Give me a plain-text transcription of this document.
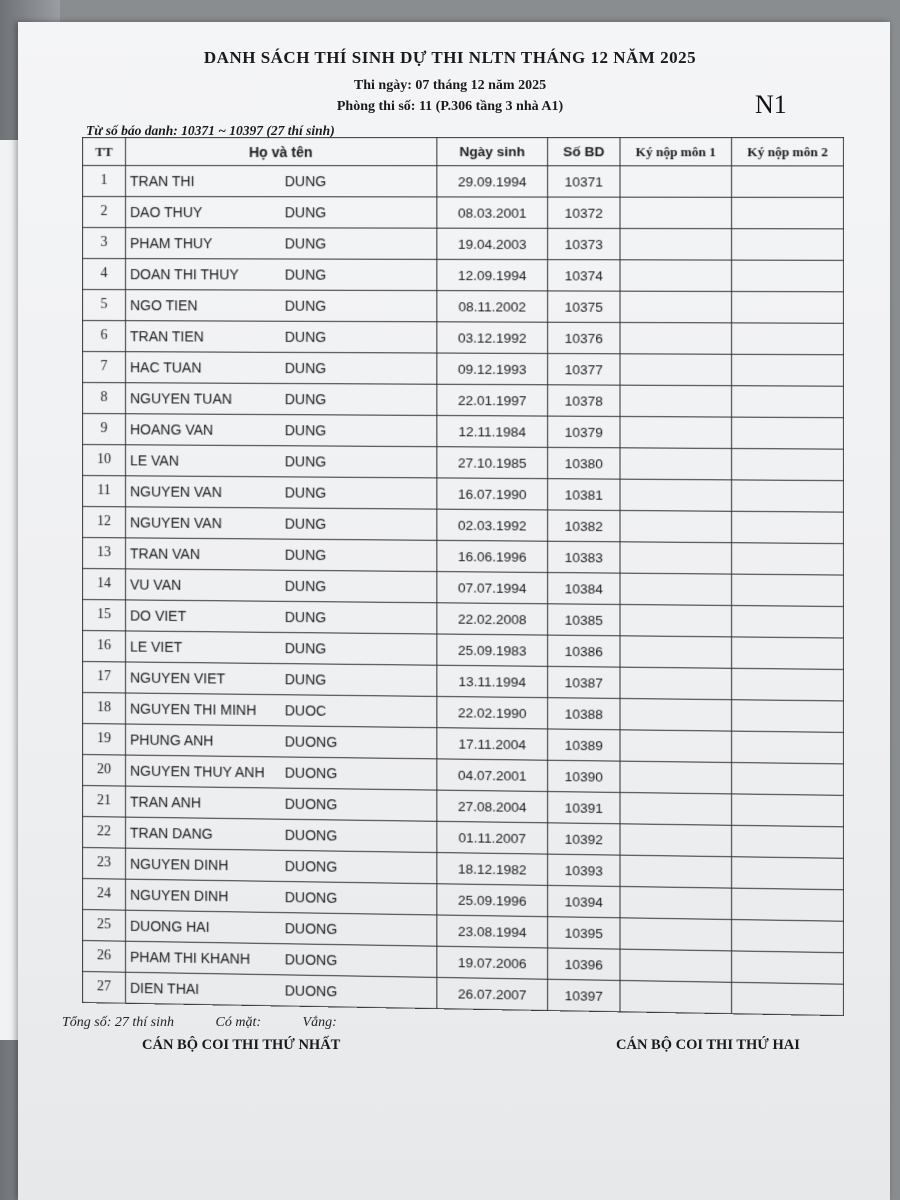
DANH SÁCH THÍ SINH DỰ THI NLTN THÁNG 12 NĂM 2025
Thi ngày: 07 tháng 12 năm 2025
Phòng thi số: 11 (P.306 tầng 3 nhà A1)	N1
Từ số báo danh: 10371 ~ 10397 (27 thí sinh)
TT	Họ và tên		Ngày sinh	Số BD	Ký nộp môn 1	Ký nộp môn 2
1	TRAN THI	DUNG	29.09.1994	10371		
2	DAO THUY	DUNG	08.03.2001	10372		
3	PHAM THUY	DUNG	19.04.2003	10373		
4	DOAN THI THUY	DUNG	12.09.1994	10374		
5	NGO TIEN	DUNG	08.11.2002	10375		
6	TRAN TIEN	DUNG	03.12.1992	10376		
7	HAC TUAN	DUNG	09.12.1993	10377		
8	NGUYEN TUAN	DUNG	22.01.1997	10378		
9	HOANG VAN	DUNG	12.11.1984	10379		
10	LE VAN	DUNG	27.10.1985	10380		
11	NGUYEN VAN	DUNG	16.07.1990	10381		
12	NGUYEN VAN	DUNG	02.03.1992	10382		
13	TRAN VAN	DUNG	16.06.1996	10383		
14	VU VAN	DUNG	07.07.1994	10384		
15	DO VIET	DUNG	22.02.2008	10385		
16	LE VIET	DUNG	25.09.1983	10386		
17	NGUYEN VIET	DUNG	13.11.1994	10387		
18	NGUYEN THI MINH	DUOC	22.02.1990	10388		
19	PHUNG ANH	DUONG	17.11.2004	10389		
20	NGUYEN THUY ANH	DUONG	04.07.2001	10390		
21	TRAN ANH	DUONG	27.08.2004	10391		
22	TRAN DANG	DUONG	01.11.2007	10392		
23	NGUYEN DINH	DUONG	18.12.1982	10393		
24	NGUYEN DINH	DUONG	25.09.1996	10394		
25	DUONG HAI	DUONG	23.08.1994	10395		
26	PHAM THI KHANH	DUONG	19.07.2006	10396		
27	DIEN THAI	DUONG	26.07.2007	10397		
Tổng số: 27 thí sinh	Có mặt:	Vắng:
CÁN BỘ COI THI THỨ NHẤT	CÁN BỘ COI THI THỨ HAI
